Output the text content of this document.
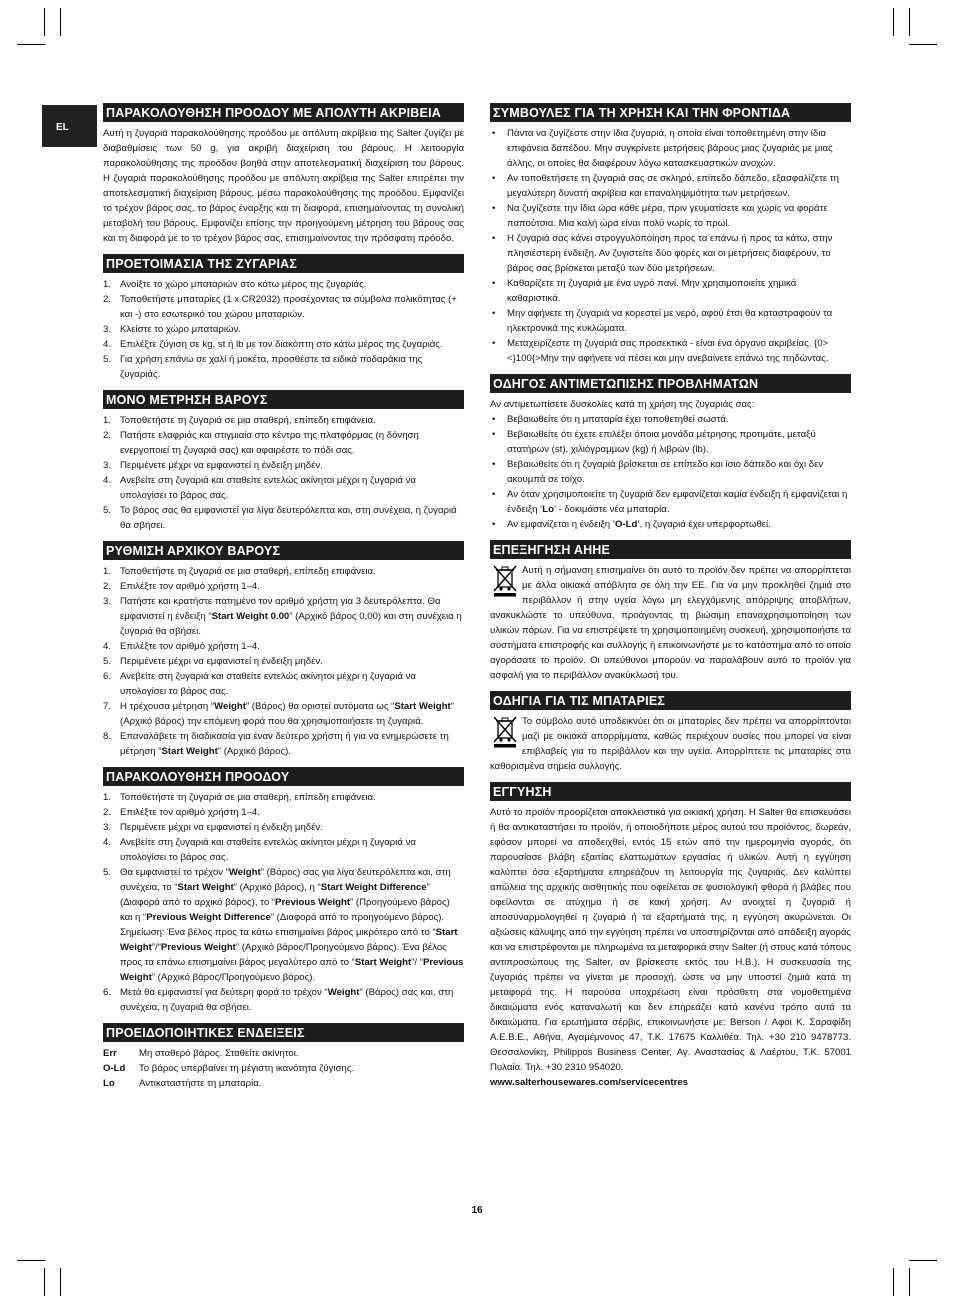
EL
ΠΑΡΑΚΟΛΟΥΘΗΣΗ ΠΡΟΟΔΟΥ ΜΕ ΑΠΟΛΥΤΗ ΑΚΡΙΒΕΙΑ

Αυτή η ζυγαριά παρακολούθησης προόδου με απόλυτη ακρίβεια της Salter ζυγίζει με διαβαθμίσεις των 50 g, για ακριβή διαχείριση του βάρους. Η λειτουργία παρακολούθησης της προόδου βοηθά στην αποτελεσματική διαχείριση του βάρους. Η ζυγαριά παρακολούθησης προόδου με απόλυτη ακρίβεια της Salter επιτρέπει την αποτελεσματική διαχείριση βάρους, μέσω παρακολούθησης της προόδου. Εμφανίζει το τρέχον βάρος σας, το βάρος έναρξης και τη διαφορά, επισημαίνοντας τη συνολική μεταβολή του βάρους. Εμφανίζει επίσης την προηγούμενη μέτρηση του βάρους σας και τη διαφορά με το το τρέχον βάρος σας, επισημαίνοντας την πρόσφατη πρόοδο.

ΠΡΟΕΤΟΙΜΑΣΙΑ ΤΗΣ ΖΥΓΑΡΙΑΣ
1. Ανοίξτε το χώρο μπαταριών στο κάτω μέρος της ζυγαριάς.
2. Τοποθετήστε μπαταρίες (1 x CR2032) προσέχοντας τα σύμβολα πολικότητας (+ και -) στο εσωτερικό του χώρου μπαταριών.
3. Κλείστε το χώρο μπαταριών.
4. Επιλέξτε ζύγιση σε kg, st ή lb με τον διακόπτη στο κάτω μέρος της ζυγαριάς.
5. Για χρήση επάνω σε χαλί ή μοκέτα, προσθέστε τα ειδικά ποδαράκια της ζυγαριάς.
ΜΟΝΟ ΜΕΤΡΗΣΗ ΒΑΡΟΥΣ
1. Τοποθετήστε τη ζυγαριά σε μια σταθερή, επίπεδη επιφάνεια.
2. Πατήστε ελαφριάς και στιγμιαία στο κέντρο της πλατφόρμας (η δόνηση ενεργοποιεί τη ζυγαριά σας) και αφαιρέστε το πόδι σας.
3. Περιμένετε μέχρι να εμφανιστεί η ένδειξη μηδέν.
4. Ανεβείτε στη ζυγαριά και σταθείτε εντελώς ακίνητοι μέχρι η ζυγαριά να υπολογίσει το βάρος σας.
5. Το βάρος σας θα εμφανιστεί για λίγα δευτερόλεπτα και, στη συνέχεια, η ζυγαριά θα σβήσει.
ΡΥΘΜΙΣΗ ΑΡΧΙΚΟΥ ΒΑΡΟΥΣ
1. Τοποθετήστε τη ζυγαριά σε μια σταθερή, επίπεδη επιφάνεια.
2. Επιλέξτε τον αριθμό χρήστη 1–4.
3. Πατήστε και κρατήστε πατημένο τον αριθμό χρήστη για 3 δευτερόλεπτα. Θα εμφανιστεί η ένδειξη “Start Weight 0.00” (Αρχικό βάρος 0,00) και στη συνέχεια η ζυγαριά θα σβήσει.
4. Επιλέξτε τον αριθμό χρήστη 1–4.
5. Περιμένετε μέχρι να εμφανιστεί η ένδειξη μηδέν.
6. Ανεβείτε στη ζυγαριά και σταθείτε εντελώς ακίνητοι μέχρι η ζυγαριά να υπολογίσει το βάρος σας.
7. Η τρέχουσα μέτρηση “Weight” (Βάρος) θα οριστεί αυτόματα ως “Start Weight” (Αρχικό βάρος) την επόμενη φορά που θα χρησιμοποιήσετε τη ζυγαριά.
8. Επαναλάβετε τη διαδικασία για έναν δεύτερο χρήστη ή για να ενημερώσετε τη μέτρηση “Start Weight” (Αρχικό βάρος).
ΠΑΡΑΚΟΛΟΥΘΗΣΗ ΠΡΟΟΔΟΥ
1. Τοποθετήστε τη ζυγαριά σε μια σταθερή, επίπεδη επιφάνεια.
2. Επιλέξτε τον αριθμό χρήστη 1–4.
3. Περιμένετε μέχρι να εμφανιστεί η ένδειξη μηδέν.
4. Ανεβείτε στη ζυγαριά και σταθείτε εντελώς ακίνητοι μέχρι η ζυγαριά να υπολογίσει το βάρος σας.
5. Θα εμφανιστεί το τρέχον “Weight” (Βάρος) σας για λίγα δευτερόλεπτα και, στη συνέχεια, το “Start Weight” (Αρχικό βάρος), η “Start Weight Difference” (Διαφορά από το αρχικό βάρος), το “Previous Weight” (Προηγούμενο βάρος) και η “Previous Weight Difference” (Διαφορά από το προηγούμενο βάρος). Σημείωση: Ένα βέλος προς τα κάτω επισημαίνει βάρος μικρότερο από το “Start Weight”/“Previous Weight” (Αρχικό βάρος/Προηγούμενο βάρος). Ένα βέλος προς τα επάνω επισημαίνει βάρος μεγαλύτερο από το “Start Weight”/ “Previous Weight” (Αρχικό βάρος/Προηγούμενο βάρος).
6. Μετά θα εμφανιστεί για δεύτερη φορά το τρέχον “Weight” (Βάρος) σας και, στη συνέχεια, η ζυγαριά θα σβήσει.
ΠΡΟΕΙΔΟΠΟΙΗΤΙΚΕΣ ΕΝΔΕΙΞΕΙΣ
Err	Μη σταθερό βάρος. Σταθείτε ακίνητοι.
O-Ld	Το βάρος υπερβαίνει τη μέγιστη ικανότητα ζύγισης.
Lo	Αντικαταστήστε τη μπαταρία.
ΣΥΜΒΟΥΛΕΣ ΓΙΑ ΤΗ ΧΡΗΣΗ ΚΑΙ ΤΗΝ ΦΡΟΝΤΙΔΑ
• Πάντα να ζυγίζεστε στην ίδια ζυγαριά, η οποία είναι τοποθετημένη στην ίδια επιφάνεια δαπέδου. Μην συγκρίνετε μετρήσεις βάρους μιας ζυγαριάς με μιας άλλης, οι οποίες θα διαφέρουν λόγω κατασκευαστικών ανοχών.
• Αν τοποθετήσετε τη ζυγαριά σας σε σκληρό, επίπεδο δάπεδο, εξασφαλίζετε τη μεγαλύτερη δυνατή ακρίβεια και επαναληψιμότητα των μετρήσεων.
• Να ζυγίζεστε την ίδια ώρα κάθε μέρα, πριν γευματίσετε και χωρίς να φοράτε παπούτσια. Μια καλή ώρα είναι πολύ νωρίς το πρωί.
• Η ζυγαριά σας κάνει στρογγυλοποίηση προς τα επάνω ή προς τα κάτω, στην πλησιέστερη ένδειξη. Αν ζυγιστείτε δύο φορές και οι μετρήσεις διαφέρουν, το βάρος σας βρίσκεται μεταξύ των δύο μετρήσεων.
• Καθαρίζετε τη ζυγαριά με ένα υγρό πανί. Μην χρησιμοποιείτε χημικά καθαριστικά.
• Μην αφήνετε τη ζυγαριά να κορεστεί με νερό, αφού έτσι θα καταστραφούν τα ηλεκτρονικά της κυκλώματα.
• Μεταχειρίζεστε τη ζυγαριά σας προσεκτικά - είναι ένα όργανο ακριβείας. {0><}100{>Μην την αφήνετε να πέσει και μην ανεβαίνετε επάνω της πηδώντας.
ΟΔΗΓΟΣ ΑΝΤΙΜΕΤΩΠΙΣΗΣ ΠΡΟΒΛΗΜΑΤΩΝ

Αν αντιμετωπίσετε δυσκολίες κατά τη χρήση της ζυγαριάς σας:

• Βεβαιωθείτε ότι η μπαταρία έχει τοποθετηθεί σωστά.
• Βεβαιωθείτε ότι έχετε επιλέξει όποια μονάδα μέτρησης προτιμάτε, μεταξύ στατήρων (st), χιλιόγραμμων (kg) ή λιβρών (lb).
• Βεβαιωθείτε ότι η ζυγαριά βρίσκεται σε επίπεδο και ίσιο δάπεδο και όχι δεν ακουμπά σε τοίχο.
• Αν όταν χρησιμοποιείτε τη ζυγαριά δεν εμφανίζεται καμία ένδειξη ή εμφανίζεται η ένδειξη ‘Lo’ - δοκιμάστε νέα μπαταρία.
• Αν εμφανίζεται η ένδειξη ‘O-Ld’, η ζυγαριά έχει υπερφορτωθεί.
ΕΠΕΞΗΓΗΣΗ ΑΗΗΕ

Αυτή η σήμανση επισημαίνει ότι αυτό το προϊόν δεν πρέπει να απορρίπτεται με άλλα οικιακά απόβλητα σε όλη την ΕΕ. Για να μην προκληθεί ζημιά στο περιβάλλον ή στην υγεία λόγω μη ελεγχόμενης απόρριψης αποβλήτων, ανακυκλώστε το υπεύθυνα, προάγοντας τη βιώσιμη επαναχρησιμοποίηση των υλικών πόρων. Για να επιστρέψετε τη χρησιμοποιημένη συσκευή, χρησιμοποιήστε τα συστήματα επιστροφής και συλλογής ή επικοινωνήστε με το κατάστημα από το οποίο αγοράσατε το προϊόν. Οι υπεύθυνοι μπορούν να παραλάβουν αυτό το προϊόν για ασφαλή για το περιβάλλον ανακύκλωσή του.

ΟΔΗΓΙΑ ΓΙΑ ΤΙΣ ΜΠΑΤΑΡΙΕΣ

Το σύμβολο αυτό υποδεικνύει ότι οι μπαταρίες δεν πρέπει να απορρίπτονται μαζί με οικιακά απορρίμματα, καθώς περιέχουν ουσίες που μπορεί να είναι επιβλαβείς για το περιβάλλον και την υγεία. Απορρίπτετε τις μπαταρίες στα καθορισμένα σημεία συλλογής.

ΕΓΓΥΗΣΗ

Αυτό το προϊόν προορίζεται αποκλειστικά για οικιακή χρήση. Η Salter θα επισκευάσει ή θα αντικαταστήσει το προϊόν, ή οποιοδήποτε μέρος αυτού του προϊόντος, δωρεάν, εφόσον μπορεί να αποδειχθεί, εντός 15 ετών από την ημερομηνία αγοράς, ότι παρουσίασε βλάβη εξαιτίας ελαττωμάτων εργασίας ή υλικών. Αυτή η εγγύηση καλύπτει όσα εξαρτήματα επηρεάζουν τη λειτουργία της ζυγαριάς. Δεν καλύπτει απώλεια της αρχικής αισθητικής που οφείλεται σε φυσιολογική φθορά ή βλάβες που οφείλονται σε ατύχημα ή σε κακή χρήση. Αν ανοιχτεί η ζυγαριά ή αποσυναρμολογηθεί η ζυγαριά ή τα εξαρτήματά της, η εγγύηση ακυρώνεται. Οι αξιώσεις κάλυψης από την εγγύηση πρέπει να υποστηρίζονται από απόδειξη αγοράς και να επιστρέφονται με πληρωμένα τα μεταφορικά στην Salter (ή στους κατά τόπους αντιπροσώπους της Salter, αν βρίσκεστε εκτός του Η.Β.). Η συσκευασία της ζυγαριάς πρέπει να γίνεται με προσοχή, ώστε να μην υποστεί ζημιά κατά τη μεταφορά της. Η παρούσα υποχρέωση είναι πρόσθετη στα νομοθετημένα δικαιώματα ενός καταναλωτή και δεν επηρεάζει κατά κανένα τρόπο αυτά τα δικαιώματα. Για ερωτήματα σέρβις, επικοινωνήστε με: Berson / Αφοι Κ. Σαραφίδη Α.Ε.Β.Ε., Αθήνα, Αγαμέμνονος 47, Τ.Κ. 17675 Καλλιθέα. Τηλ. +30 210 9478773. Θεσσαλονίκη, Philippos Business Center, Αγ. Αναστασίας & Λαέρτου, Τ.Κ. 57001 Πυλαία. Τηλ. +30 2310 954020.

www.salterhousewares.com/servicecentres

16
